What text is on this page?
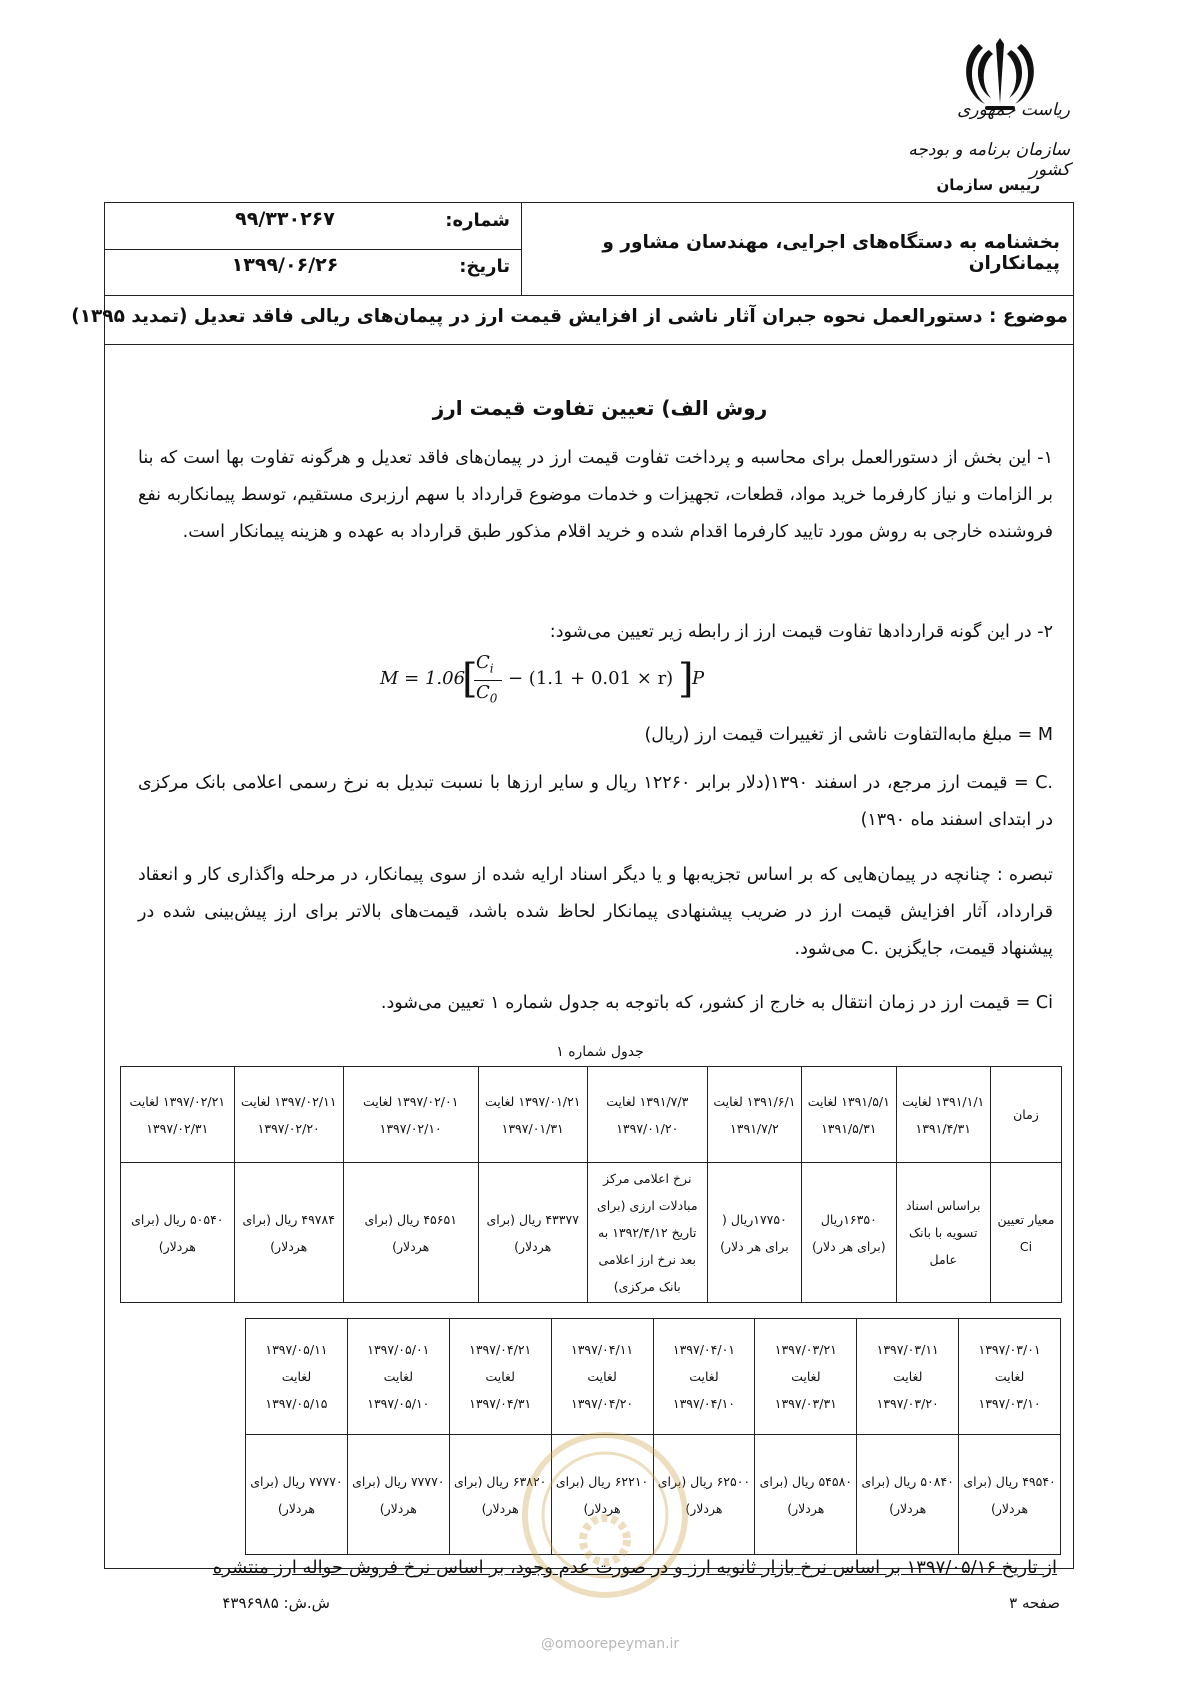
ریاست جمهوری
سازمان برنامه و بودجه کشور
رییس سازمان
بخشنامه به دستگاه‌های اجرایی، مهندسان مشاور و پیمانکاران
شماره:
۹۹/۳۳۰۲۶۷
تاریخ:
۱۳۹۹/۰۶/۲۶
موضوع : دستورالعمل نحوه جبران آثار ناشی از افزایش قیمت ارز در پیمان‌های ریالی فاقد تعدیل (تمدید ۱۳۹۵)
روش الف) تعیین تفاوت قیمت ارز
۱- این بخش از دستورالعمل برای محاسبه و پرداخت تفاوت قیمت ارز در پیمان‌های فاقد تعدیل و هرگونه تفاوت بها است که بنا بر الزامات و نیاز کارفرما خرید مواد، قطعات، تجهیزات و خدمات موضوع قرارداد با سهم ارزبری مستقیم، توسط پیمانکاربه نفع فروشنده خارجی به روش مورد تایید کارفرما اقدام شده و خرید اقلام مذکور طبق قرارداد به عهده و هزینه پیمانکار است.
۲- در این گونه قراردادها تفاوت قیمت ارز از رابطه زیر تعیین می‌شود:
M = 1.06
[
$C_i$
$C_0$
− (1.1 + 0.01 × r) ]
P
M = مبلغ مابه‌التفاوت ناشی از تغییرات قیمت ارز (ریال)
.C = قیمت ارز مرجع، در اسفند ۱۳۹۰(دلار برابر ۱۲۲۶۰ ریال و سایر ارزها با نسبت تبدیل به نرخ رسمی اعلامی بانک مرکزی در ابتدای اسفند ماه ۱۳۹۰)
تبصره : چنانچه در پیمان‌هایی که بر اساس تجزیه‌بها و یا دیگر اسناد ارایه شده از سوی پیمانکار، در مرحله واگذاری کار و انعقاد قرارداد، آثار افزایش قیمت ارز در ضریب پیشنهادی پیمانکار لحاظ شده باشد، قیمت‌های بالاتر برای ارز پیش‌بینی شده در پیشنهاد قیمت، جایگزین .C می‌شود.
Ci = قیمت ارز در زمان انتقال به خارج از کشور، که باتوجه به جدول شماره ۱ تعیین می‌شود.
جدول شماره ۱
زمان	۱۳۹۱/۱/۱ لغایت ۱۳۹۱/۴/۳۱	۱۳۹۱/۵/۱ لغایت ۱۳۹۱/۵/۳۱	۱۳۹۱/۶/۱ لغایت ۱۳۹۱/۷/۲	۱۳۹۱/۷/۳ لغایت ۱۳۹۷/۰۱/۲۰	۱۳۹۷/۰۱/۲۱ لغایت ۱۳۹۷/۰۱/۳۱	۱۳۹۷/۰۲/۰۱ لغایت ۱۳۹۷/۰۲/۱۰	۱۳۹۷/۰۲/۱۱ لغایت ۱۳۹۷/۰۲/۲۰	۱۳۹۷/۰۲/۲۱ لغایت ۱۳۹۷/۰۲/۳۱
معیار تعیین Ci	براساس اسناد تسویه با بانک عامل	۱۶۳۵۰ریال (برای هر دلار)	۱۷۷۵۰ریال ( برای هر دلار)	نرخ اعلامی مرکز مبادلات ارزی (برای تاریخ ۱۳۹۲/۴/۱۲ به بعد نرخ ارز اعلامی بانک مرکزی)	۴۳۳۷۷ ریال (برای هردلار)	۴۵۶۵۱ ریال (برای هردلار)	۴۹۷۸۴ ریال (برای هردلار)	۵۰۵۴۰ ریال (برای هردلار)
۱۳۹۷/۰۳/۰۱ لغایت ۱۳۹۷/۰۳/۱۰	۱۳۹۷/۰۳/۱۱ لغایت ۱۳۹۷/۰۳/۲۰	۱۳۹۷/۰۳/۲۱ لغایت ۱۳۹۷/۰۳/۳۱	۱۳۹۷/۰۴/۰۱ لغایت ۱۳۹۷/۰۴/۱۰	۱۳۹۷/۰۴/۱۱ لغایت ۱۳۹۷/۰۴/۲۰	۱۳۹۷/۰۴/۲۱ لغایت ۱۳۹۷/۰۴/۳۱	۱۳۹۷/۰۵/۰۱ لغایت ۱۳۹۷/۰۵/۱۰	۱۳۹۷/۰۵/۱۱ لغایت ۱۳۹۷/۰۵/۱۵
۴۹۵۴۰ ریال (برای هردلار)	۵۰۸۴۰ ریال (برای هردلار)	۵۴۵۸۰ ریال (برای هردلار)	۶۲۵۰۰ ریال (برای هردلار)	۶۲۲۱۰ ریال (برای هردلار)	۶۳۸۲۰ ریال (برای هردلار)	۷۷۷۷۰ ریال (برای هردلار)	۷۷۷۷۰ ریال (برای هردلار)
از تاریخ ۱۳۹۷/۰۵/۱۶ بر اساس نرخ بازار ثانویه ارز و در صورت عدم وجود، بر اساس نرخ فروش حواله ارز منتشره
صفحه ۳
ش.ش: ۴۳۹۶۹۸۵
@omoorepeyman.ir
